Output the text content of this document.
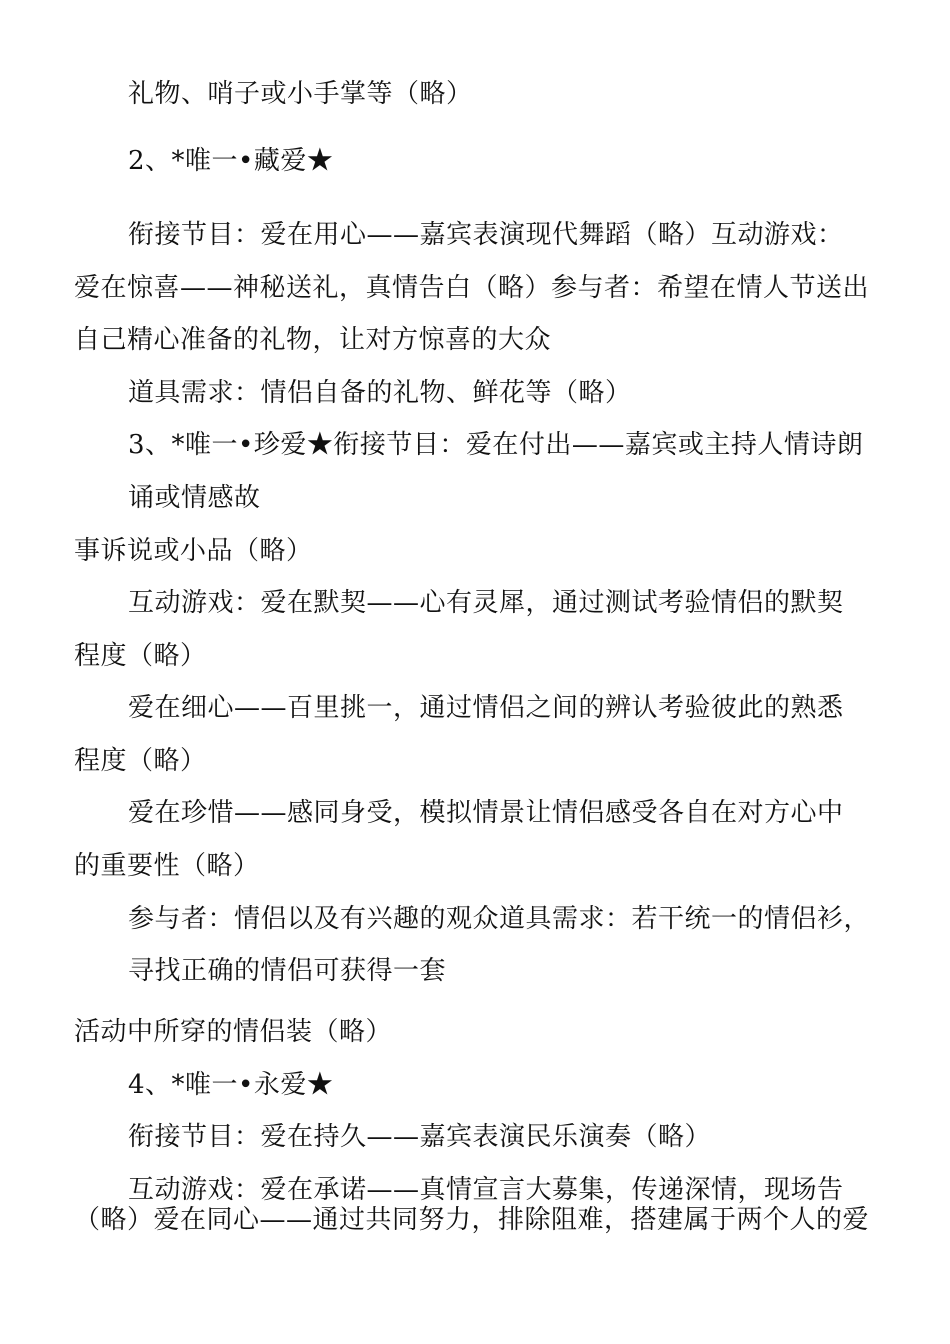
礼物、哨子或小手掌等（略）

2、*唯一•藏爱★

衔接节目：爱在用心——嘉宾表演现代舞蹈（略）互动游戏：

爱在惊喜——神秘送礼，真情告白（略）参与者：希望在情人节送出

自己精心准备的礼物，让对方惊喜的大众

道具需求：情侣自备的礼物、鲜花等（略）

3、*唯一•珍爱★衔接节目：爱在付出——嘉宾或主持人情诗朗

诵或情感故

事诉说或小品（略）

互动游戏：爱在默契——心有灵犀，通过测试考验情侣的默契

程度（略）

爱在细心——百里挑一，通过情侣之间的辨认考验彼此的熟悉

程度（略）

爱在珍惜——感同身受，模拟情景让情侣感受各自在对方心中

的重要性（略）

参与者：情侣以及有兴趣的观众道具需求：若干统一的情侣衫，

寻找正确的情侣可获得一套

活动中所穿的情侣装（略）

4、*唯一•永爱★

衔接节目：爱在持久——嘉宾表演民乐演奏（略）

互动游戏：爱在承诺——真情宣言大募集，传递深情，现场告

（略）爱在同心——通过共同努力，排除阻难，搭建属于两个人的爱
